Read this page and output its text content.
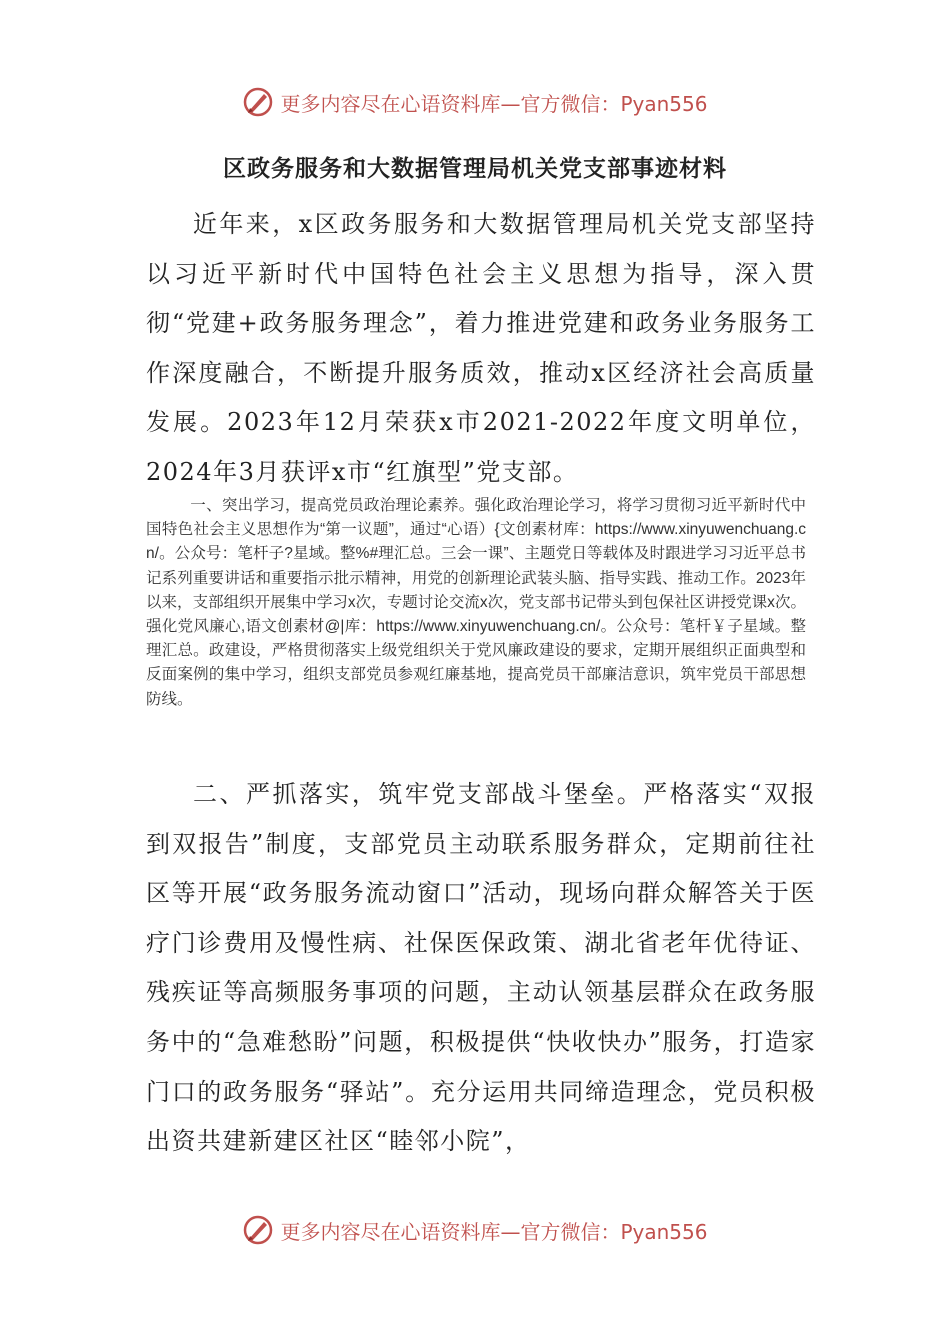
更多内容尽在心语资料库—官方微信：Pyan556
区政务服务和大数据管理局机关党支部事迹材料

近年来，x区政务服务和大数据管理局机关党支部坚持以习近平新时代中国特色社会主义思想为指导，深入贯彻“党建+政务服务理念”，着力推进党建和政务业务服务工作深度融合，不断提升服务质效，推动x区经济社会高质量发展。2023年12月荣获x市2021-2022年度文明单位，2024年3月获评x市“红旗型”党支部。

一、突出学习，提高党员政治理论素养。强化政治理论学习，将学习贯彻习近平新时代中国特色社会主义思想作为“第一议题”，通过“心语）{文创素材库：https://www.xinyuwenchuang.cn/。公众号：笔杆子?星域。整%#理汇总。三会一课”、主题党日等载体及时跟进学习习近平总书记系列重要讲话和重要指示批示精神，用党的创新理论武装头脑、指导实践、推动工作。2023年以来，支部组织开展集中学习x次，专题讨论交流x次，党支部书记带头到包保社区讲授党课x次。强化党风廉心,语文创素材@|库：https://www.xinyuwenchuang.cn/。公众号：笔杆￥子星域。整理汇总。政建设，严格贯彻落实上级党组织关于党风廉政建设的要求，定期开展组织正面典型和反面案例的集中学习，组织支部党员参观红廉基地，提高党员干部廉洁意识，筑牢党员干部思想防线。

二、严抓落实，筑牢党支部战斗堡垒。严格落实“双报到双报告”制度，支部党员主动联系服务群众，定期前往社区等开展“政务服务流动窗口”活动，现场向群众解答关于医疗门诊费用及慢性病、社保医保政策、湖北省老年优待证、残疾证等高频服务事项的问题，主动认领基层群众在政务服务中的“急难愁盼”问题，积极提供“快收快办”服务，打造家门口的政务服务“驿站”。充分运用共同缔造理念，党员积极出资共建新建区社区“睦邻小院”，

更多内容尽在心语资料库—官方微信：Pyan556
